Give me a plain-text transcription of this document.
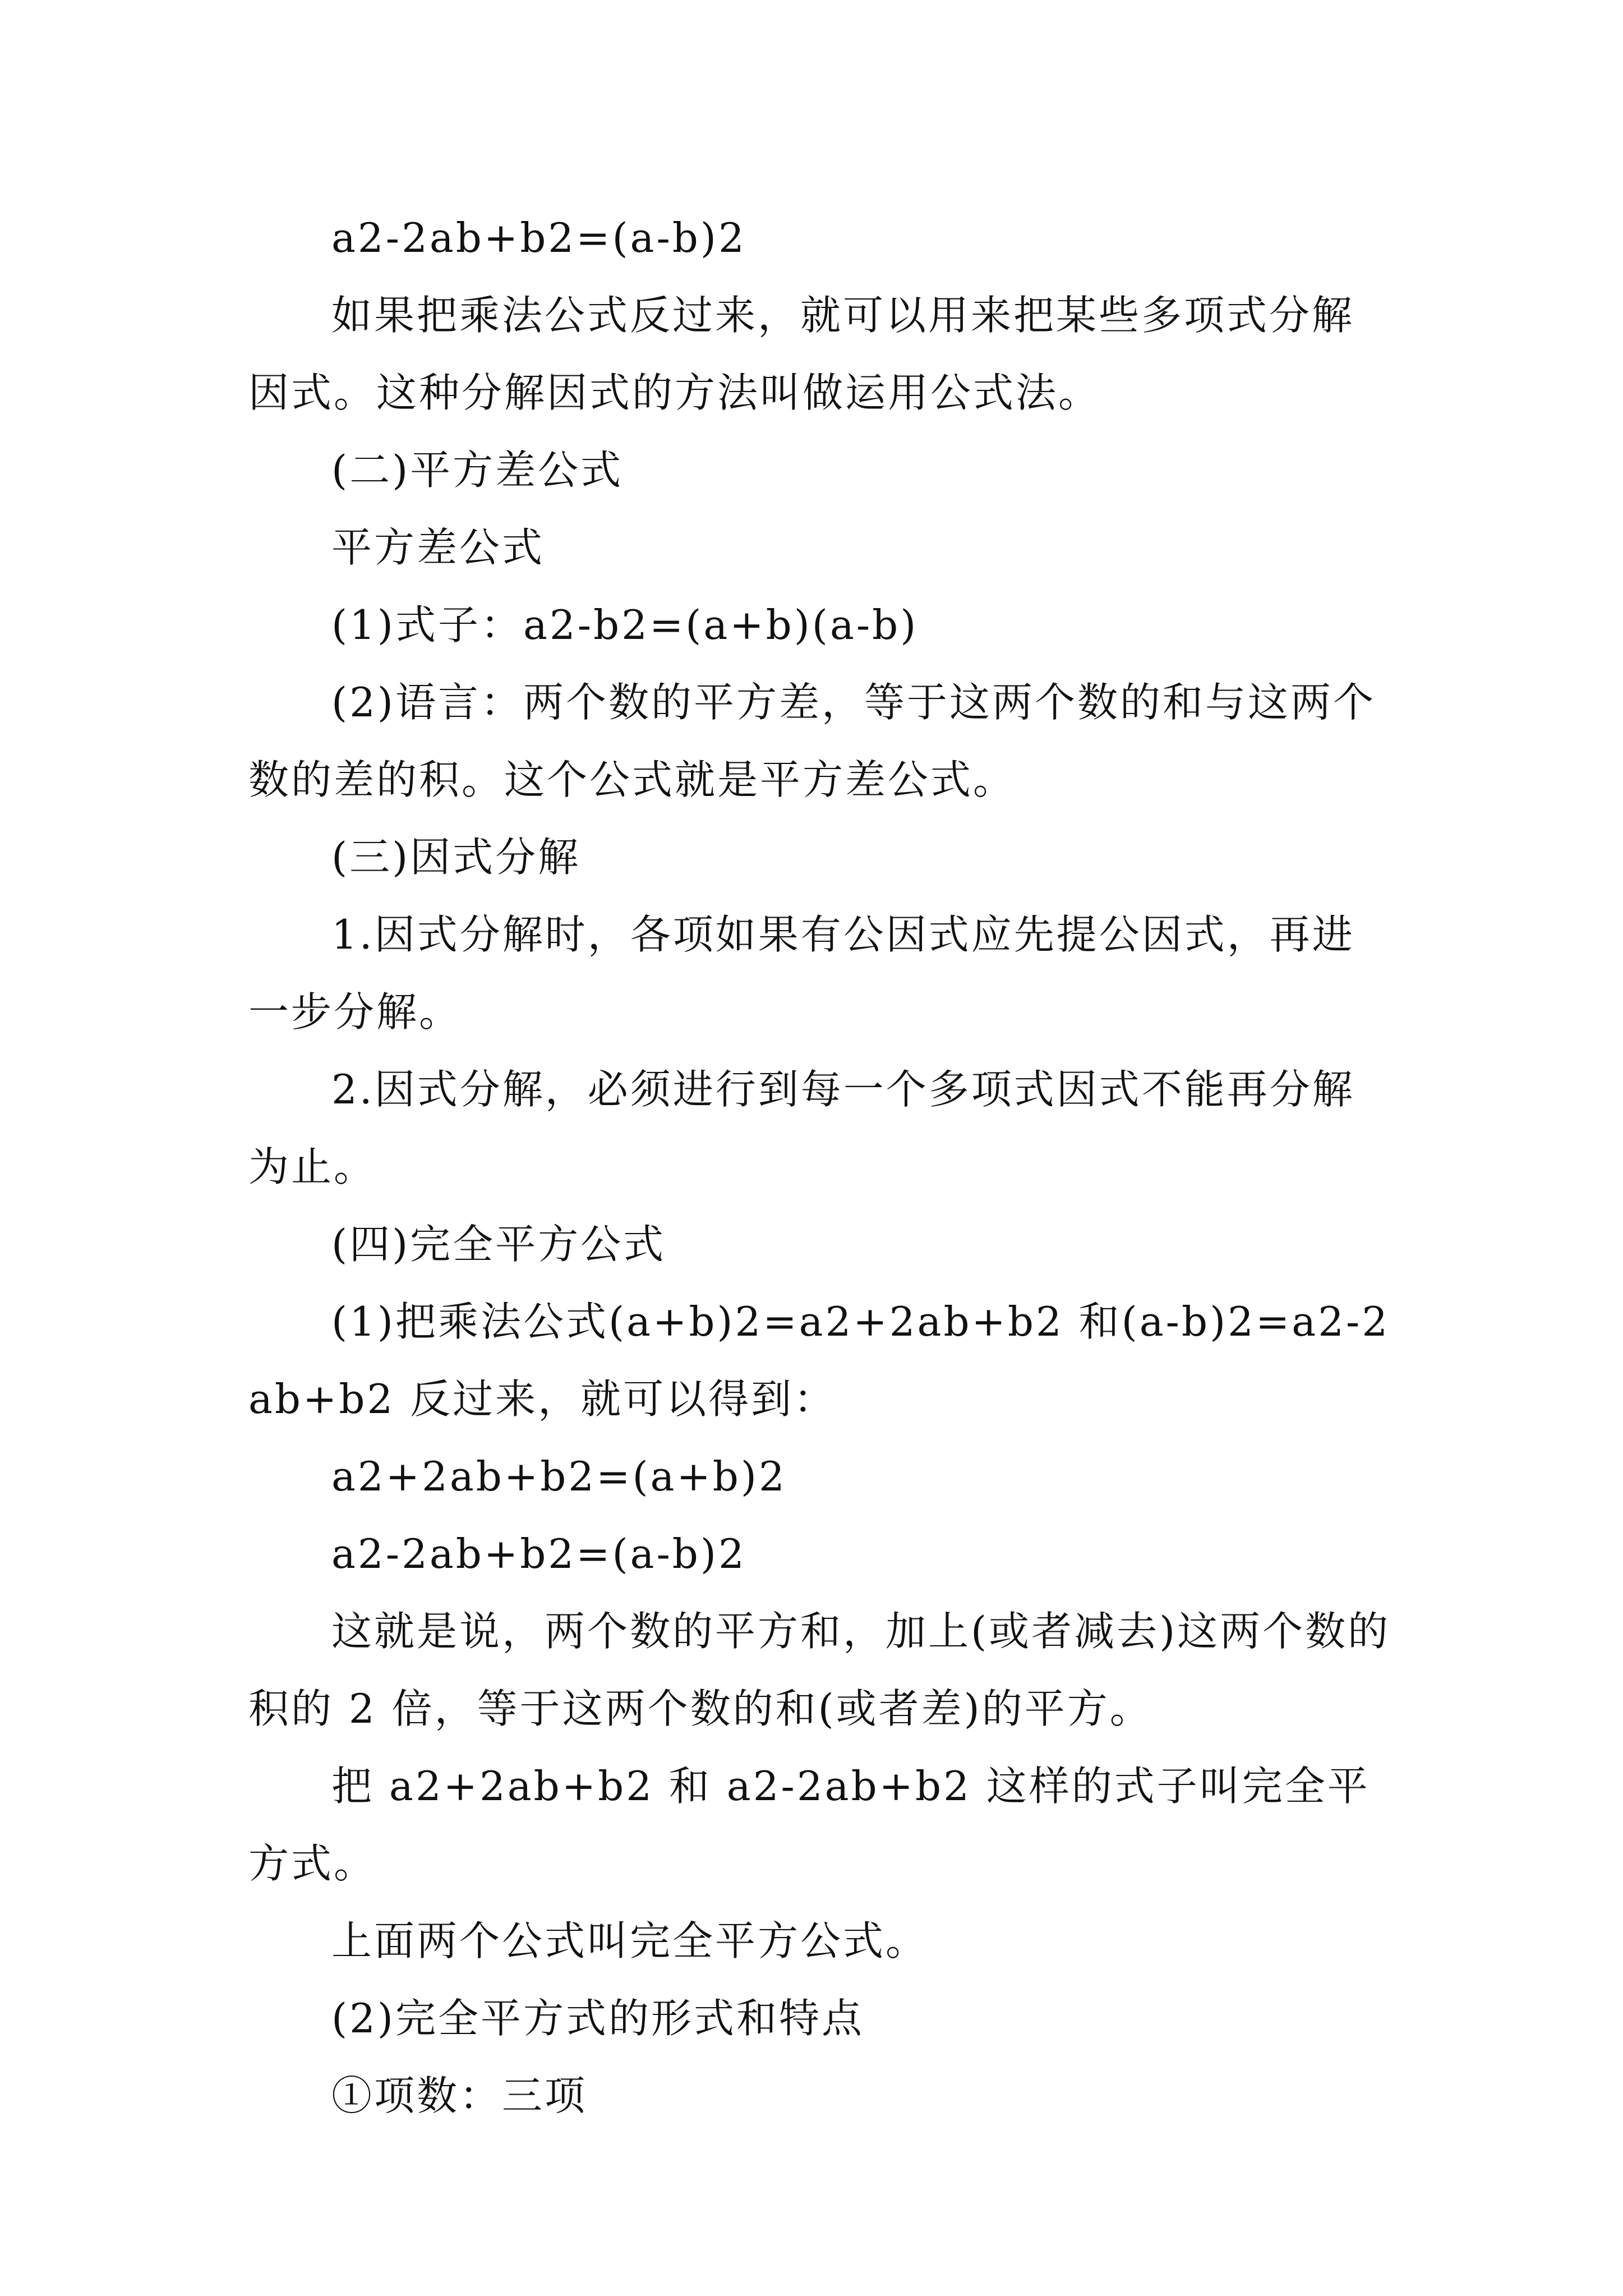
a2-2ab+b2=(a-b)2

如果把乘法公式反过来，就可以用来把某些多项式分解因式。这种分解因式的方法叫做运用公式法。

(二)平方差公式

平方差公式

(1)式子：a2-b2=(a+b)(a-b)

(2)语言：两个数的平方差，等于这两个数的和与这两个数的差的积。这个公式就是平方差公式。

(三)因式分解

1.因式分解时，各项如果有公因式应先提公因式，再进一步分解。

2.因式分解，必须进行到每一个多项式因式不能再分解为止。

(四)完全平方公式

(1)把乘法公式(a+b)2=a2+2ab+b2 和(a-b)2=a2-2ab+b2 反过来，就可以得到：

a2+2ab+b2=(a+b)2

a2-2ab+b2=(a-b)2

这就是说，两个数的平方和，加上(或者减去)这两个数的积的 2 倍，等于这两个数的和(或者差)的平方。

把 a2+2ab+b2 和 a2-2ab+b2 这样的式子叫完全平方式。

上面两个公式叫完全平方公式。

(2)完全平方式的形式和特点

①项数：三项
